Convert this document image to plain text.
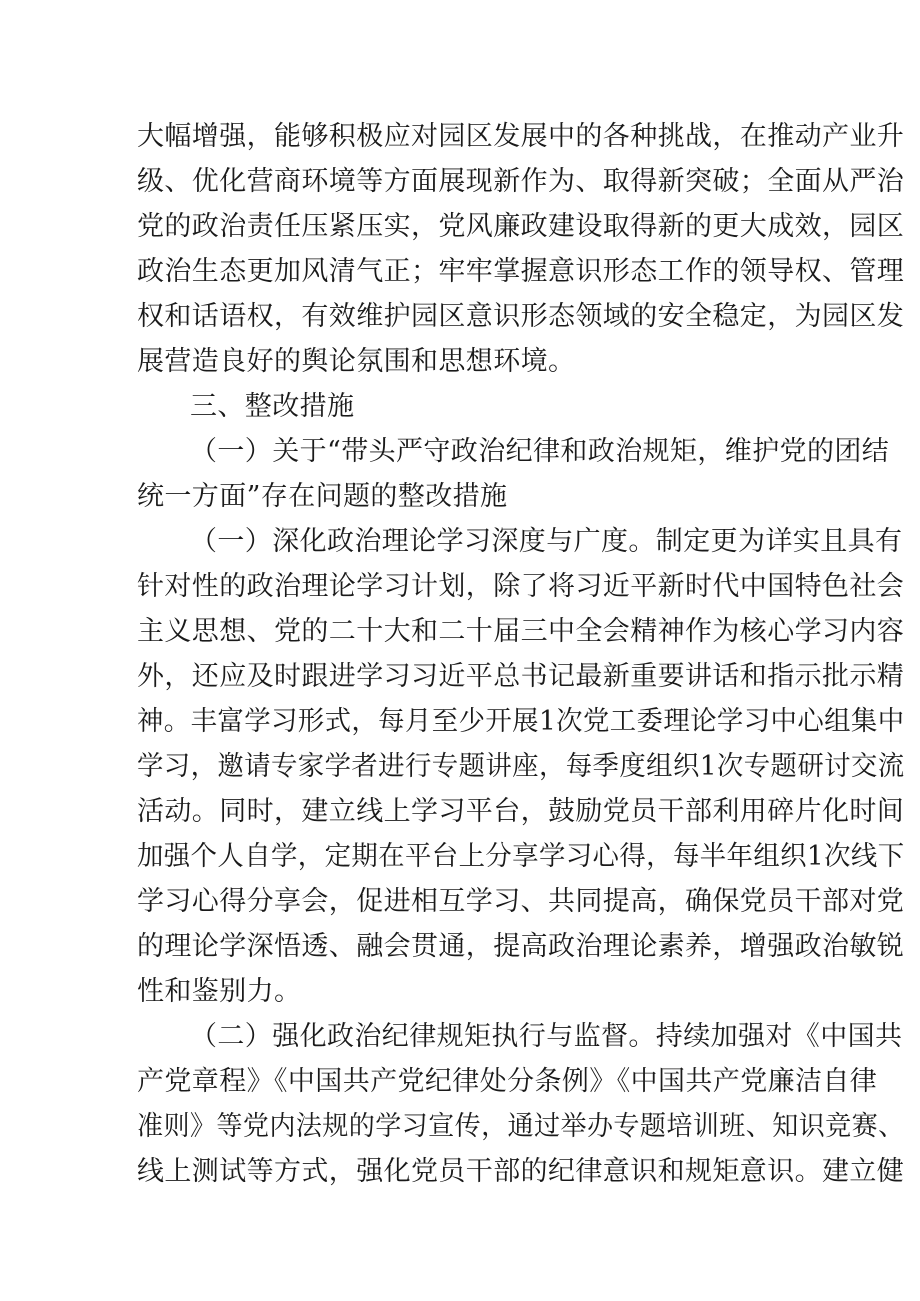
大幅增强，能够积极应对园区发展中的各种挑战，在推动产业升
级、优化营商环境等方面展现新作为、取得新突破；全面从严治
党的政治责任压紧压实，党风廉政建设取得新的更大成效，园区
政治生态更加风清气正；牢牢掌握意识形态工作的领导权、管理
权和话语权，有效维护园区意识形态领域的安全稳定，为园区发
展营造良好的舆论氛围和思想环境。
三、整改措施
（一）关于“带头严守政治纪律和政治规矩，维护党的团结
统一方面”存在问题的整改措施
（一）深化政治理论学习深度与广度。制定更为详实且具有
针对性的政治理论学习计划，除了将习近平新时代中国特色社会
主义思想、党的二十大和二十届三中全会精神作为核心学习内容
外，还应及时跟进学习习近平总书记最新重要讲话和指示批示精
神。丰富学习形式，每月至少开展1次党工委理论学习中心组集中
学习，邀请专家学者进行专题讲座，每季度组织1次专题研讨交流
活动。同时，建立线上学习平台，鼓励党员干部利用碎片化时间
加强个人自学，定期在平台上分享学习心得，每半年组织1次线下
学习心得分享会，促进相互学习、共同提高，确保党员干部对党
的理论学深悟透、融会贯通，提高政治理论素养，增强政治敏锐
性和鉴别力。
（二）强化政治纪律规矩执行与监督。持续加强对《中国共
产党章程》《中国共产党纪律处分条例》《中国共产党廉洁自律
准则》等党内法规的学习宣传，通过举办专题培训班、知识竞赛、
线上测试等方式，强化党员干部的纪律意识和规矩意识。建立健
